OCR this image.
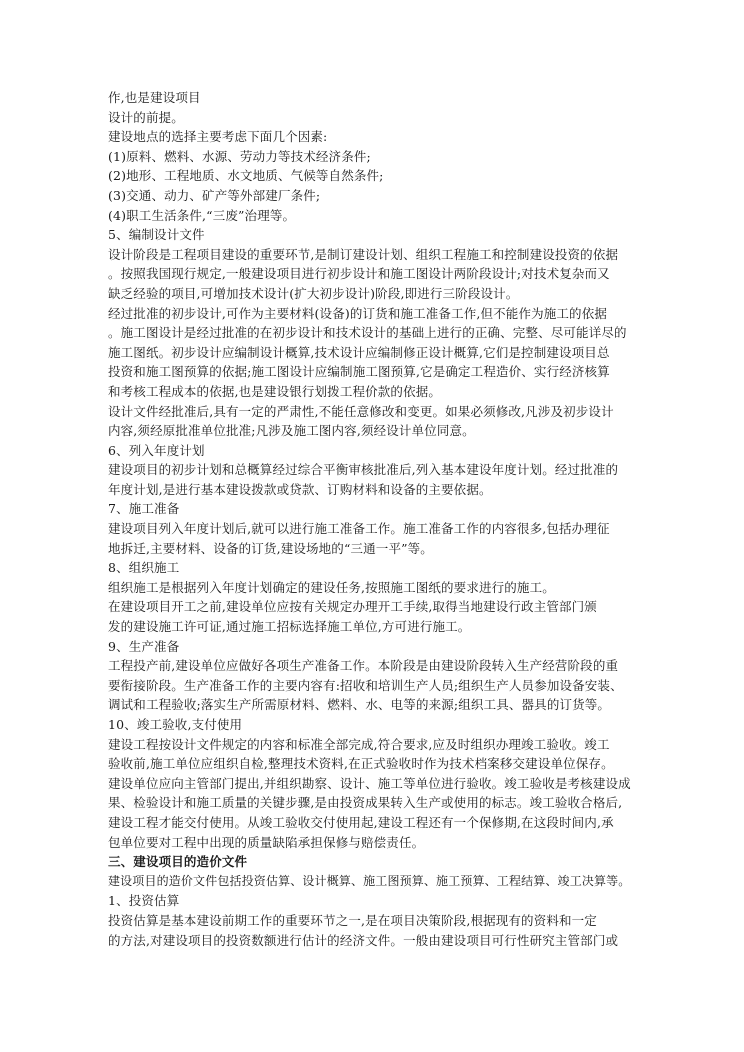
作,也是建设项目
设计的前提。
建设地点的选择主要考虑下面几个因素:
(1)原料、燃料、水源、劳动力等技术经济条件;
(2)地形、工程地质、水文地质、气候等自然条件;
(3)交通、动力、矿产等外部建厂条件;
(4)职工生活条件,“三废”治理等。
5、编制设计文件
设计阶段是工程项目建设的重要环节,是制订建设计划、组织工程施工和控制建设投资的依据
。按照我国现行规定,一般建设项目进行初步设计和施工图设计两阶段设计;对技术复杂而又
缺乏经验的项目,可增加技术设计(扩大初步设计)阶段,即进行三阶段设计。
经过批准的初步设计,可作为主要材料(设备)的订货和施工准备工作,但不能作为施工的依据
。施工图设计是经过批准的在初步设计和技术设计的基础上进行的正确、完整、尽可能详尽的
施工图纸。初步设计应编制设计概算,技术设计应编制修正设计概算,它们是控制建设项目总
投资和施工图预算的依据;施工图设计应编制施工图预算,它是确定工程造价、实行经济核算
和考核工程成本的依据,也是建设银行划拨工程价款的依据。
设计文件经批准后,具有一定的严肃性,不能任意修改和变更。如果必须修改,凡涉及初步设计
内容,须经原批准单位批准;凡涉及施工图内容,须经设计单位同意。
6、列入年度计划
建设项目的初步计划和总概算经过综合平衡审核批准后,列入基本建设年度计划。经过批准的
年度计划,是进行基本建设拨款或贷款、订购材料和设备的主要依据。
7、施工准备
建设项目列入年度计划后,就可以进行施工准备工作。施工准备工作的内容很多,包括办理征
地拆迁,主要材料、设备的订货,建设场地的“三通一平”等。
8、组织施工
组织施工是根据列入年度计划确定的建设任务,按照施工图纸的要求进行的施工。
在建设项目开工之前,建设单位应按有关规定办理开工手续,取得当地建设行政主管部门颁
发的建设施工许可证,通过施工招标选择施工单位,方可进行施工。
9、生产准备
工程投产前,建设单位应做好各项生产准备工作。本阶段是由建设阶段转入生产经营阶段的重
要衔接阶段。生产准备工作的主要内容有:招收和培训生产人员;组织生产人员参加设备安装、
调试和工程验收;落实生产所需原材料、燃料、水、电等的来源;组织工具、器具的订货等。
10、竣工验收,支付使用
建设工程按设计文件规定的内容和标准全部完成,符合要求,应及时组织办理竣工验收。竣工
验收前,施工单位应组织自检,整理技术资料,在正式验收时作为技术档案移交建设单位保存。
建设单位应向主管部门提出,并组织勘察、设计、施工等单位进行验收。竣工验收是考核建设成
果、检验设计和施工质量的关键步骤,是由投资成果转入生产或使用的标志。竣工验收合格后,
建设工程才能交付使用。从竣工验收交付使用起,建设工程还有一个保修期,在这段时间内,承
包单位要对工程中出现的质量缺陷承担保修与赔偿责任。
三、建设项目的造价文件
建设项目的造价文件包括投资估算、设计概算、施工图预算、施工预算、工程结算、竣工决算等。
1、投资估算
投资估算是基本建设前期工作的重要环节之一,是在项目决策阶段,根据现有的资料和一定
的方法,对建设项目的投资数额进行估计的经济文件。一般由建设项目可行性研究主管部门或
